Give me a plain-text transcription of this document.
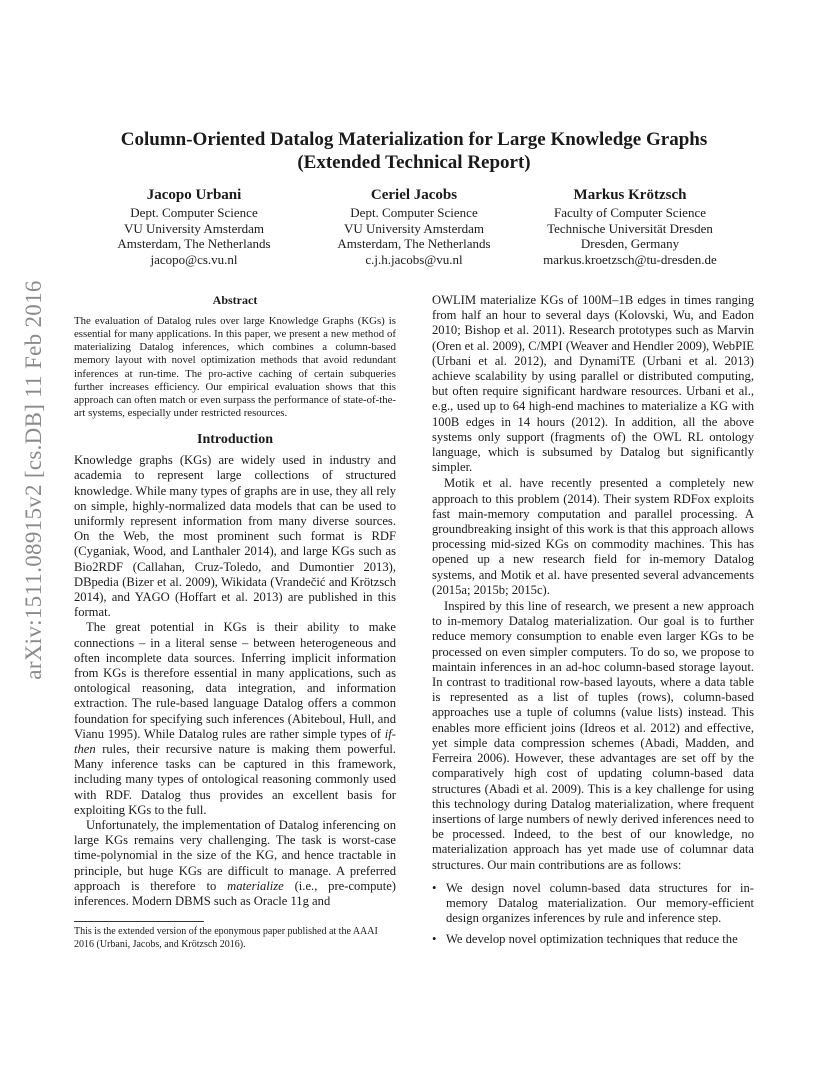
arXiv:1511.08915v2 [cs.DB] 11 Feb 2016
Column-Oriented Datalog Materialization for Large Knowledge Graphs
(Extended Technical Report)
Jacopo Urbani
Dept. Computer Science
VU University Amsterdam
Amsterdam, The Netherlands
jacopo@cs.vu.nl
Ceriel Jacobs
Dept. Computer Science
VU University Amsterdam
Amsterdam, The Netherlands
c.j.h.jacobs@vu.nl
Markus Krötzsch
Faculty of Computer Science
Technische Universität Dresden
Dresden, Germany
markus.kroetzsch@tu-dresden.de
Abstract

The evaluation of Datalog rules over large Knowledge Graphs (KGs) is essential for many applications. In this paper, we present a new method of materializing Datalog inferences, which combines a column-based memory layout with novel optimization methods that avoid redundant inferences at run-time. The pro-active caching of certain subqueries further increases efficiency. Our empirical evaluation shows that this approach can often match or even surpass the performance of state-of-the-art systems, especially under restricted resources.

Introduction

Knowledge graphs (KGs) are widely used in industry and academia to represent large collections of structured knowledge. While many types of graphs are in use, they all rely on simple, highly-normalized data models that can be used to uniformly represent information from many diverse sources. On the Web, the most prominent such format is RDF (Cyganiak, Wood, and Lanthaler 2014), and large KGs such as Bio2RDF (Callahan, Cruz-Toledo, and Dumontier 2013), DBpedia (Bizer et al. 2009), Wikidata (Vrandečić and Krötzsch 2014), and YAGO (Hoffart et al. 2013) are published in this format.

The great potential in KGs is their ability to make connections – in a literal sense – between heterogeneous and often incomplete data sources. Inferring implicit information from KGs is therefore essential in many applications, such as ontological reasoning, data integration, and information extraction. The rule-based language Datalog offers a common foundation for specifying such inferences (Abiteboul, Hull, and Vianu 1995). While Datalog rules are rather simple types of if-then rules, their recursive nature is making them powerful. Many inference tasks can be captured in this framework, including many types of ontological reasoning commonly used with RDF. Datalog thus provides an excellent basis for exploiting KGs to the full.

Unfortunately, the implementation of Datalog inferencing on large KGs remains very challenging. The task is worst-case time-polynomial in the size of the KG, and hence tractable in principle, but huge KGs are difficult to manage. A preferred approach is therefore to materialize (i.e., pre-compute) inferences. Modern DBMS such as Oracle 11g and

This is the extended version of the eponymous paper published at the AAAI 2016 (Urbani, Jacobs, and Krötzsch 2016).

OWLIM materialize KGs of 100M–1B edges in times ranging from half an hour to several days (Kolovski, Wu, and Eadon 2010; Bishop et al. 2011). Research prototypes such as Marvin (Oren et al. 2009), C/MPI (Weaver and Hendler 2009), WebPIE (Urbani et al. 2012), and DynamiTE (Urbani et al. 2013) achieve scalability by using parallel or distributed computing, but often require significant hardware resources. Urbani et al., e.g., used up to 64 high-end machines to materialize a KG with 100B edges in 14 hours (2012). In addition, all the above systems only support (fragments of) the OWL RL ontology language, which is subsumed by Datalog but significantly simpler.

Motik et al. have recently presented a completely new approach to this problem (2014). Their system RDFox exploits fast main-memory computation and parallel processing. A groundbreaking insight of this work is that this approach allows processing mid-sized KGs on commodity machines. This has opened up a new research field for in-memory Datalog systems, and Motik et al. have presented several advancements (2015a; 2015b; 2015c).

Inspired by this line of research, we present a new approach to in-memory Datalog materialization. Our goal is to further reduce memory consumption to enable even larger KGs to be processed on even simpler computers. To do so, we propose to maintain inferences in an ad-hoc column-based storage layout. In contrast to traditional row-based layouts, where a data table is represented as a list of tuples (rows), column-based approaches use a tuple of columns (value lists) instead. This enables more efficient joins (Idreos et al. 2012) and effective, yet simple data compression schemes (Abadi, Madden, and Ferreira 2006). However, these advantages are set off by the comparatively high cost of updating column-based data structures (Abadi et al. 2009). This is a key challenge for using this technology during Datalog materialization, where frequent insertions of large numbers of newly derived inferences need to be processed. Indeed, to the best of our knowledge, no materialization approach has yet made use of columnar data structures. Our main contributions are as follows:

• We design novel column-based data structures for in-memory Datalog materialization. Our memory-efficient design organizes inferences by rule and inference step.
• We develop novel optimization techniques that reduce the
